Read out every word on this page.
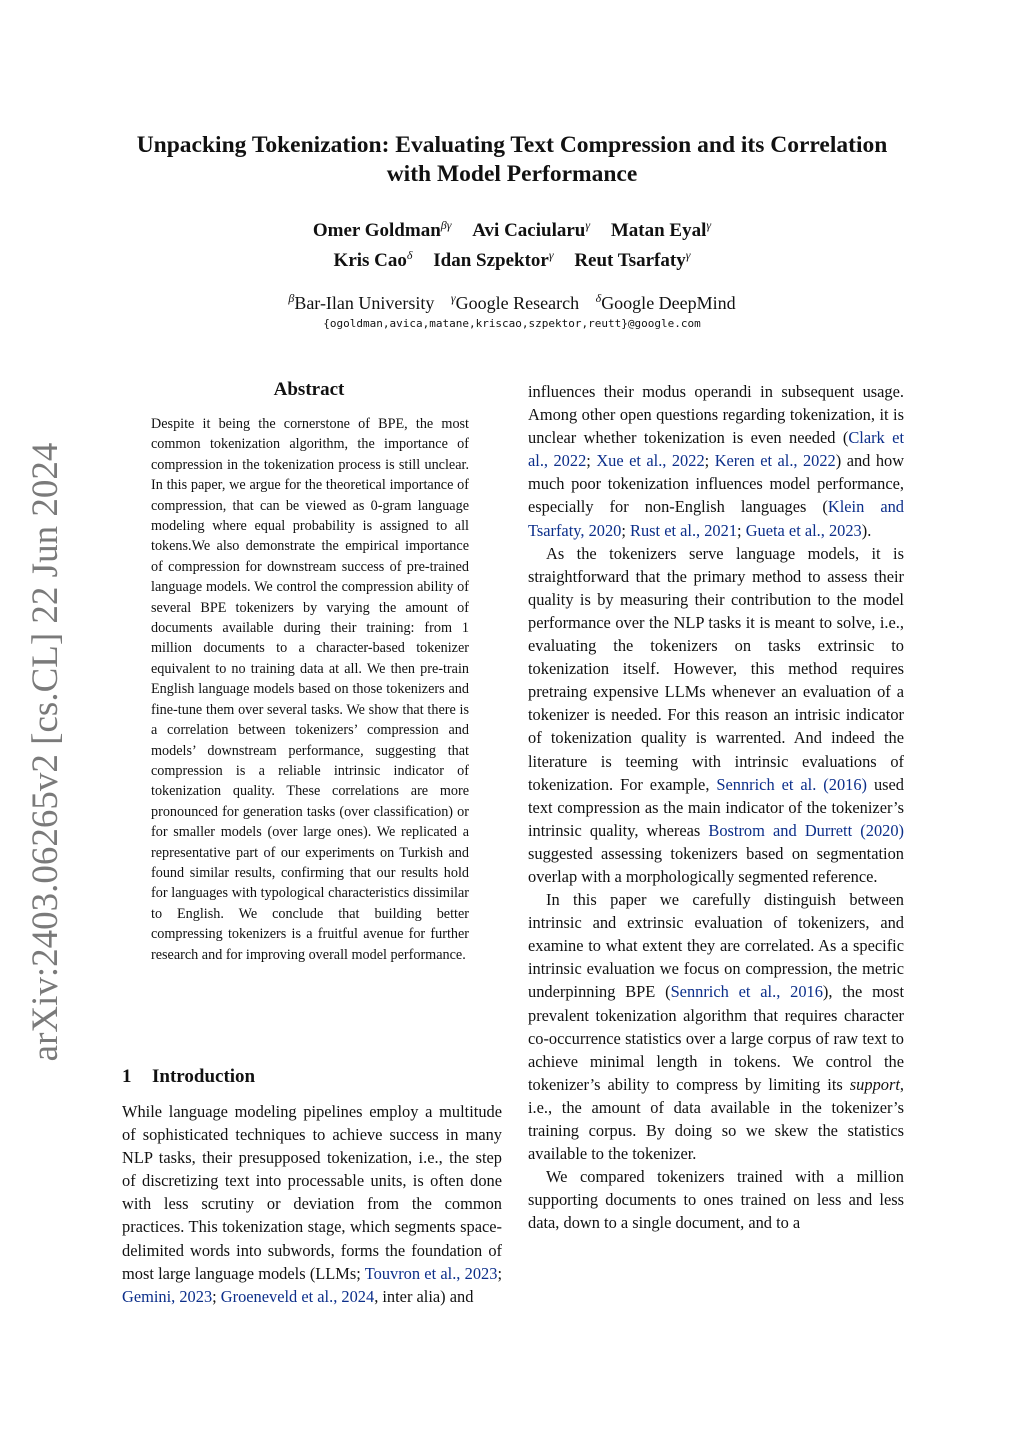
arXiv:2403.06265v2 [cs.CL] 22 Jun 2024
Unpacking Tokenization: Evaluating Text Compression and its Correlation
with Model Performance
Omer Goldman$^{\beta\gamma}$ Avi Caciularu$^\gamma$ Matan Eyal$^\gamma$
Kris Cao$^\delta$ Idan Szpektor$^\gamma$ Reut Tsarfaty$^\gamma$
$^\beta$Bar-Ilan University $^\gamma$Google Research $^\delta$Google DeepMind
{ogoldman,avica,matane,kriscao,szpektor,reutt}@google.com
Abstract

Despite it being the cornerstone of BPE, the most common tokenization algorithm, the importance of compression in the tokenization process is still unclear. In this paper, we argue for the theoretical importance of compression, that can be viewed as 0-gram language modeling where equal probability is assigned to all tokens.We also demonstrate the empirical importance of compression for downstream success of pre-trained language models. We control the compression ability of several BPE tokenizers by varying the amount of documents available during their training: from 1 million documents to a character-based tokenizer equivalent to no training data at all. We then pre-train English language models based on those tokenizers and fine-tune them over several tasks. We show that there is a correlation between tokenizers’ compression and models’ downstream performance, suggesting that compression is a reliable intrinsic indicator of tokenization quality. These correlations are more pronounced for generation tasks (over classification) or for smaller models (over large ones). We replicated a representative part of our experiments on Turkish and found similar results, confirming that our results hold for languages with typological characteristics dissimilar to English. We conclude that building better compressing tokenizers is a fruitful avenue for further research and for improving overall model performance.

1 Introduction

While language modeling pipelines employ a multitude of sophisticated techniques to achieve success in many NLP tasks, their presupposed tokenization, i.e., the step of discretizing text into processable units, is often done with less scrutiny or deviation from the common practices. This tokenization stage, which segments space-delimited words into subwords, forms the foundation of most large language models (LLMs; Touvron et al., 2023; Gemini, 2023; Groeneveld et al., 2024, inter alia) and

influences their modus operandi in subsequent usage. Among other open questions regarding tokenization, it is unclear whether tokenization is even needed (Clark et al., 2022; Xue et al., 2022; Keren et al., 2022) and how much poor tokenization influences model performance, especially for non-English languages (Klein and Tsarfaty, 2020; Rust et al., 2021; Gueta et al., 2023).

As the tokenizers serve language models, it is straightforward that the primary method to assess their quality is by measuring their contribution to the model performance over the NLP tasks it is meant to solve, i.e., evaluating the tokenizers on tasks extrinsic to tokenization itself. However, this method requires pretraing expensive LLMs whenever an evaluation of a tokenizer is needed. For this reason an intrisic indicator of tokenization quality is warrented. And indeed the literature is teeming with intrinsic evaluations of tokenization. For example, Sennrich et al. (2016) used text compression as the main indicator of the tokenizer’s intrinsic quality, whereas Bostrom and Durrett (2020) suggested assessing tokenizers based on segmentation overlap with a morphologically segmented reference.

In this paper we carefully distinguish between intrinsic and extrinsic evaluation of tokenizers, and examine to what extent they are correlated. As a specific intrinsic evaluation we focus on compression, the metric underpinning BPE (Sennrich et al., 2016), the most prevalent tokenization algorithm that requires character co-occurrence statistics over a large corpus of raw text to achieve minimal length in tokens. We control the tokenizer’s ability to compress by limiting its support, i.e., the amount of data available in the tokenizer’s training corpus. By doing so we skew the statistics available to the tokenizer.

We compared tokenizers trained with a million supporting documents to ones trained on less and less data, down to a single document, and to a
